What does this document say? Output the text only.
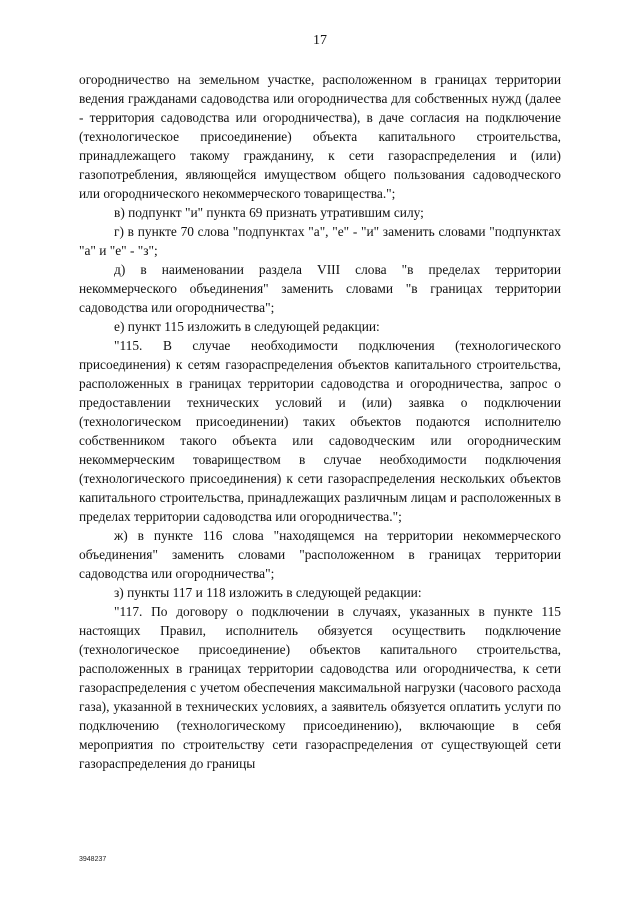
17

огородничество на земельном участке, расположенном в границах территории ведения гражданами садоводства или огородничества для собственных нужд (далее - территория садоводства или огородничества), в даче согласия на подключение (технологическое присоединение) объекта капитального строительства, принадлежащего такому гражданину, к сети газораспределения и (или) газопотребления, являющейся имуществом общего пользования садоводческого или огороднического некоммерческого товарищества.";

в) подпункт "и" пункта 69 признать утратившим силу;

г) в пункте 70 слова "подпунктах "а", "е" - "и" заменить словами "подпунктах "а" и "е" - "з";

д) в наименовании раздела VIII слова "в пределах территории некоммерческого объединения" заменить словами "в границах территории садоводства или огородничества";

е) пункт 115 изложить в следующей редакции:

"115. В случае необходимости подключения (технологического присоединения) к сетям газораспределения объектов капитального строительства, расположенных в границах территории садоводства и огородничества, запрос о предоставлении технических условий и (или) заявка о подключении (технологическом присоединении) таких объектов подаются исполнителю собственником такого объекта или садоводческим или огородническим некоммерческим товариществом в случае необходимости подключения (технологического присоединения) к сети газораспределения нескольких объектов капитального строительства, принадлежащих различным лицам и расположенных в пределах территории садоводства или огородничества.";

ж) в пункте 116 слова "находящемся на территории некоммерческого объединения" заменить словами "расположенном в границах территории садоводства или огородничества";

з) пункты 117 и 118 изложить в следующей редакции:

"117. По договору о подключении в случаях, указанных в пункте 115 настоящих Правил, исполнитель обязуется осуществить подключение (технологическое присоединение) объектов капитального строительства, расположенных в границах территории садоводства или огородничества, к сети газораспределения с учетом обеспечения максимальной нагрузки (часового расхода газа), указанной в технических условиях, а заявитель обязуется оплатить услуги по подключению (технологическому присоединению), включающие в себя мероприятия по строительству сети газораспределения от существующей сети газораспределения до границы

3948237
